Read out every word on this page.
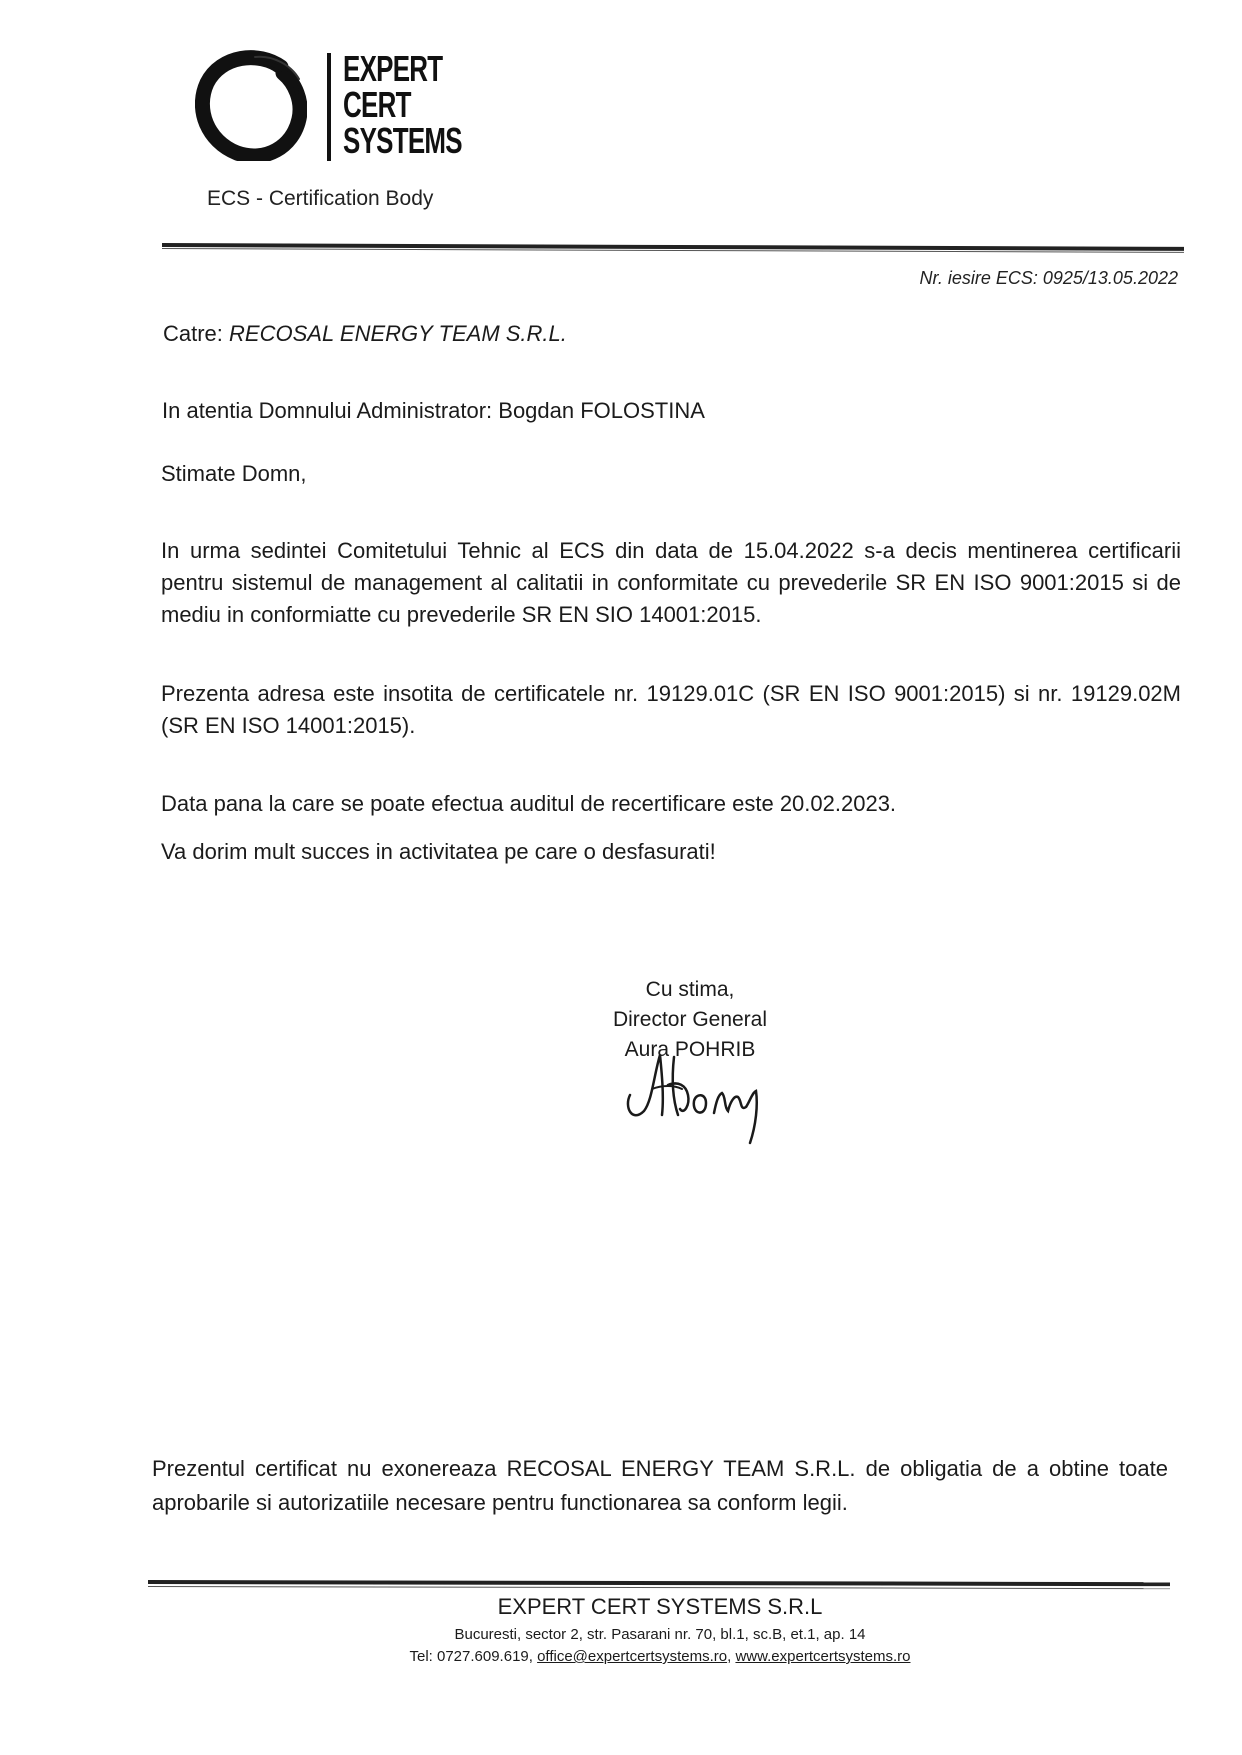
EXPERT
CERT
SYSTEMS
ECS - Certification Body
Nr. iesire ECS: 0925/13.05.2022
Catre: RECOSAL ENERGY TEAM S.R.L.
In atentia Domnului Administrator: Bogdan FOLOSTINA
Stimate Domn,
In urma sedintei Comitetului Tehnic al ECS din data de 15.04.2022 s-a decis mentinerea certificarii pentru sistemul de management al calitatii in conformitate cu prevederile SR EN ISO 9001:2015 si de mediu in conformiatte cu prevederile SR EN SIO 14001:2015.
Prezenta adresa este insotita de certificatele nr. 19129.01C (SR EN ISO 9001:2015) si nr. 19129.02M (SR EN ISO 14001:2015).
Data pana la care se poate efectua auditul de recertificare este 20.02.2023.
Va dorim mult succes in activitatea pe care o desfasurati!
Cu stima,
Director General
Aura POHRIB
Prezentul certificat nu exonereaza RECOSAL ENERGY TEAM S.R.L. de obligatia de a obtine toate aprobarile si autorizatiile necesare pentru functionarea sa conform legii.
EXPERT CERT SYSTEMS S.R.L
Bucuresti, sector 2, str. Pasarani nr. 70, bl.1, sc.B, et.1, ap. 14
Tel: 0727.609.619, office@expertcertsystems.ro, www.expertcertsystems.ro
